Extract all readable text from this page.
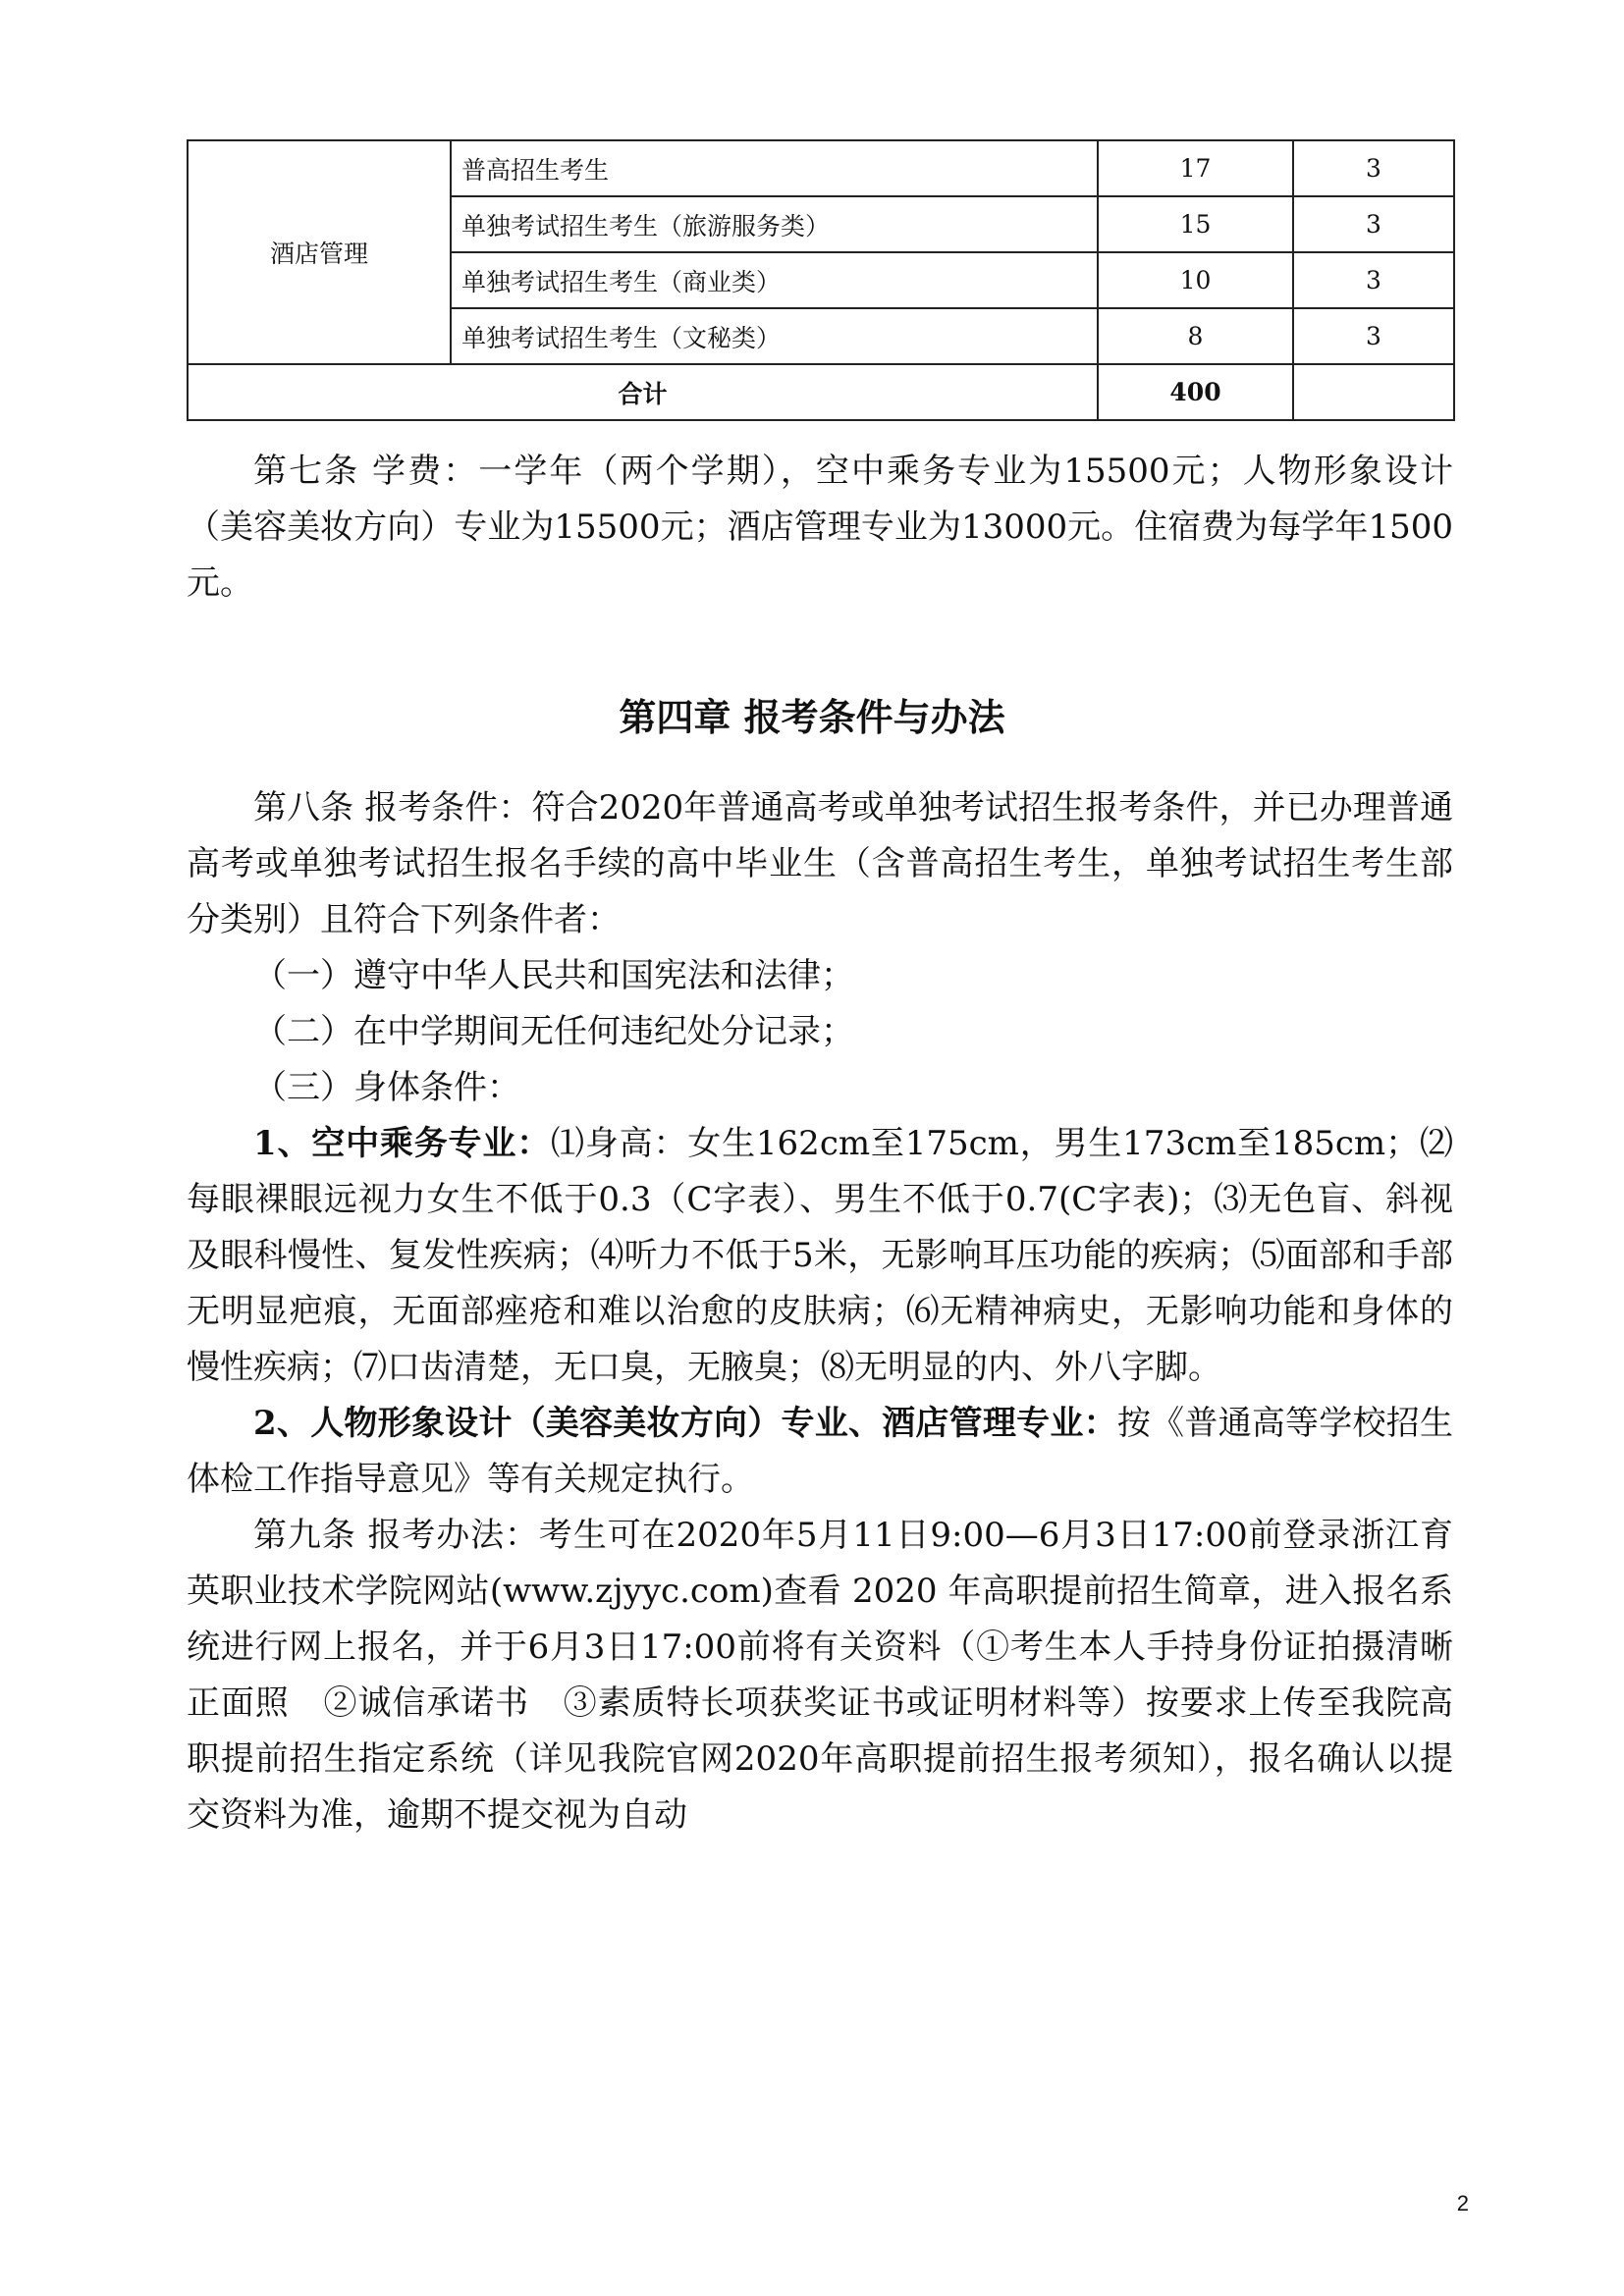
酒店管理	普高招生考生	17	3
	单独考试招生考生（旅游服务类）	15	3
	单独考试招生考生（商业类）	10	3
	单独考试招生考生（文秘类）	8	3
合计		400	

第七条 学费：一学年（两个学期），空中乘务专业为15500元；人物形象设计（美容美妆方向）专业为15500元；酒店管理专业为13000元。住宿费为每学年1500元。

第四章 报考条件与办法

第八条 报考条件：符合2020年普通高考或单独考试招生报考条件，并已办理普通高考或单独考试招生报名手续的高中毕业生（含普高招生考生，单独考试招生考生部分类别）且符合下列条件者：

（一）遵守中华人民共和国宪法和法律；

（二）在中学期间无任何违纪处分记录；

（三）身体条件：

1、空中乘务专业：⑴身高：女生162cm至175cm，男生173cm至185cm；⑵每眼裸眼远视力女生不低于0.3（C字表）、男生不低于0.7(C字表)；⑶无色盲、斜视及眼科慢性、复发性疾病；⑷听力不低于5米，无影响耳压功能的疾病；⑸面部和手部无明显疤痕，无面部痤疮和难以治愈的皮肤病；⑹无精神病史，无影响功能和身体的慢性疾病；⑺口齿清楚，无口臭，无腋臭；⑻无明显的内、外八字脚。

2、人物形象设计（美容美妆方向）专业、酒店管理专业：按《普通高等学校招生体检工作指导意见》等有关规定执行。

第九条 报考办法：考生可在2020年5月11日9:00—6月3日17:00前登录浙江育英职业技术学院网站(www.zjyyc.com)查看 2020 年高职提前招生简章，进入报名系统进行网上报名，并于6月3日17:00前将有关资料（①考生本人手持身份证拍摄清晰正面照　②诚信承诺书　③素质特长项获奖证书或证明材料等）按要求上传至我院高职提前招生指定系统（详见我院官网2020年高职提前招生报考须知），报名确认以提交资料为准，逾期不提交视为自动

2
